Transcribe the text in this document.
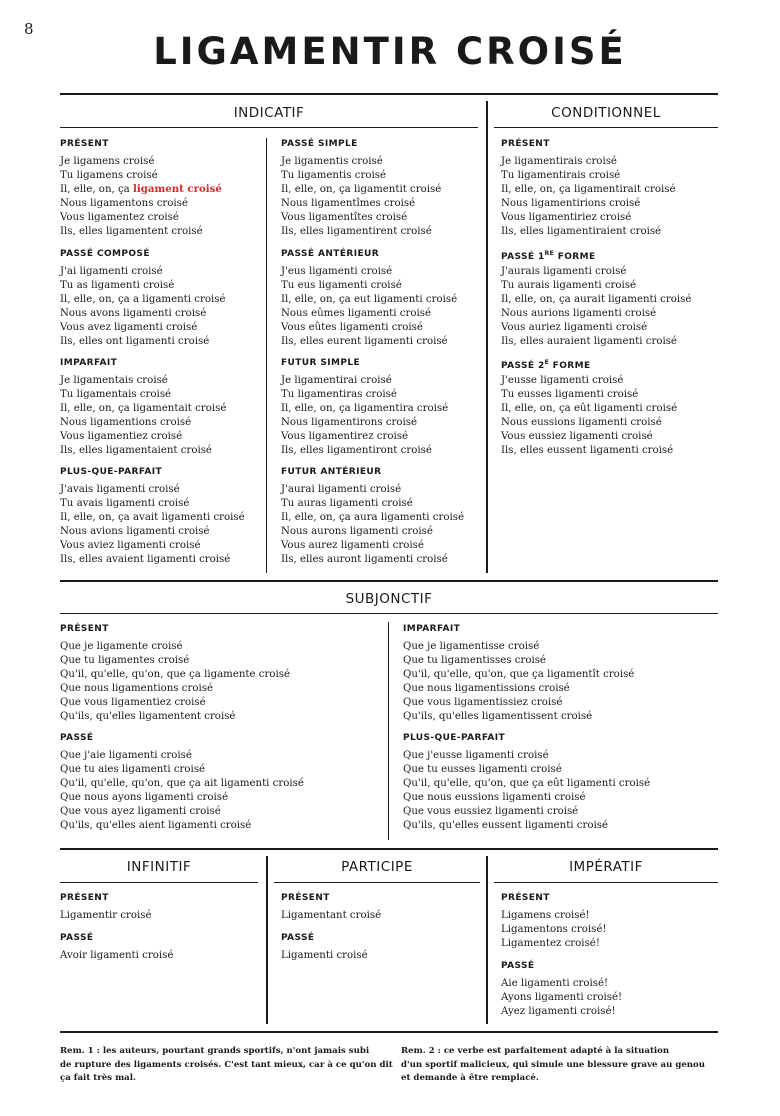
8
LIGAMENTIR CROISÉ
INDICATIF	CONDITIONNEL
PRÉSENT
Je ligamens croisé
Tu ligamens croisé
Il, elle, on, ça ligament croisé
Nous ligamentons croisé
Vous ligamentez croisé
Ils, elles ligamentent croisé
PASSÉ COMPOSÉ
J'ai ligamenti croisé
Tu as ligamenti croisé
Il, elle, on, ça a ligamenti croisé
Nous avons ligamenti croisé
Vous avez ligamenti croisé
Ils, elles ont ligamenti croisé
IMPARFAIT
Je ligamentais croisé
Tu ligamentais croisé
Il, elle, on, ça ligamentait croisé
Nous ligamentions croisé
Vous ligamentiez croisé
Ils, elles ligamentaient croisé
PLUS-QUE-PARFAIT
J'avais ligamenti croisé
Tu avais ligamenti croisé
Il, elle, on, ça avait ligamenti croisé
Nous avions ligamenti croisé
Vous aviez ligamenti croisé
Ils, elles avaient ligamenti croisé
PASSÉ SIMPLE
Je ligamentis croisé
Tu ligamentis croisé
Il, elle, on, ça ligamentit croisé
Nous ligamentîmes croisé
Vous ligamentîtes croisé
Ils, elles ligamentirent croisé
PASSÉ ANTÉRIEUR
J'eus ligamenti croisé
Tu eus ligamenti croisé
Il, elle, on, ça eut ligamenti croisé
Nous eûmes ligamenti croisé
Vous eûtes ligamenti croisé
Ils, elles eurent ligamenti croisé
FUTUR SIMPLE
Je ligamentirai croisé
Tu ligamentiras croisé
Il, elle, on, ça ligamentira croisé
Nous ligamentirons croisé
Vous ligamentirez croisé
Ils, elles ligamentiront croisé
FUTUR ANTÉRIEUR
J'aurai ligamenti croisé
Tu auras ligamenti croisé
Il, elle, on, ça aura ligamenti croisé
Nous aurons ligamenti croisé
Vous aurez ligamenti croisé
Ils, elles auront ligamenti croisé
PRÉSENT
Je ligamentirais croisé
Tu ligamentirais croisé
Il, elle, on, ça ligamentirait croisé
Nous ligamentirions croisé
Vous ligamentiriez croisé
Ils, elles ligamentiraient croisé
PASSÉ 1RE FORME
J'aurais ligamenti croisé
Tu aurais ligamenti croisé
Il, elle, on, ça aurait ligamenti croisé
Nous aurions ligamenti croisé
Vous auriez ligamenti croisé
Ils, elles auraient ligamenti croisé
PASSÉ $2^E$ FORME
J'eusse ligamenti croisé
Tu eusses ligamenti croisé
Il, elle, on, ça eût ligamenti croisé
Nous eussions ligamenti croisé
Vous eussiez ligamenti croisé
Ils, elles eussent ligamenti croisé
SUBJONCTIF
PRÉSENT
Que je ligamente croisé
Que tu ligamentes croisé
Qu'il, qu'elle, qu'on, que ça ligamente croisé
Que nous ligamentions croisé
Que vous ligamentiez croisé
Qu'ils, qu'elles ligamentent croisé
PASSÉ
Que j'aie ligamenti croisé
Que tu aies ligamenti croisé
Qu'il, qu'elle, qu'on, que ça ait ligamenti croisé
Que nous ayons ligamenti croisé
Que vous ayez ligamenti croisé
Qu'ils, qu'elles aient ligamenti croisé
IMPARFAIT
Que je ligamentisse croisé
Que tu ligamentisses croisé
Qu'il, qu'elle, qu'on, que ça ligamentît croisé
Que nous ligamentissions croisé
Que vous ligamentissiez croisé
Qu'ils, qu'elles ligamentissent croisé
PLUS-QUE-PARFAIT
Que j'eusse ligamenti croisé
Que tu eusses ligamenti croisé
Qu'il, qu'elle, qu'on, que ça eût ligamenti croisé
Que nous eussions ligamenti croisé
Que vous eussiez ligamenti croisé
Qu'ils, qu'elles eussent ligamenti croisé
INFINITIF	PARTICIPE	IMPÉRATIF
PRÉSENT
Ligamentir croisé
PASSÉ
Avoir ligamenti croisé
PRÉSENT
Ligamentant croisé
PASSÉ
Ligamenti croisé
PRÉSENT
Ligamens croisé!
Ligamentons croisé!
Ligamentez croisé!
PASSÉ
Aie ligamenti croisé!
Ayons ligamenti croisé!
Ayez ligamenti croisé!
Rem. 1 : les auteurs, pourtant grands sportifs, n'ont jamais subi
de rupture des ligaments croisés. C'est tant mieux, car à ce qu'on dit
ça fait très mal.
Rem. 2 : ce verbe est parfaitement adapté à la situation
d'un sportif malicieux, qui simule une blessure grave au genou
et demande à être remplacé.
